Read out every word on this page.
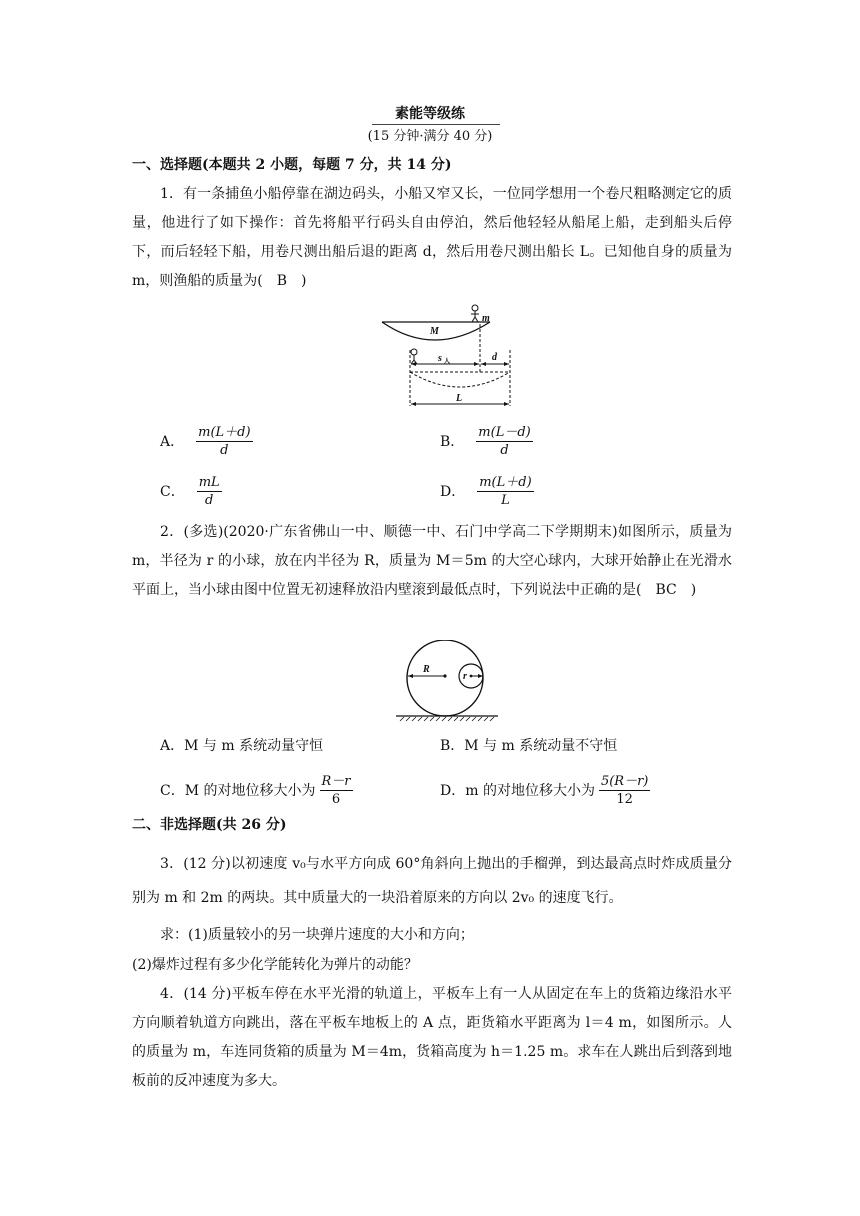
素能等级练
(15 分钟·满分 40 分)
一、选择题(本题共 2 小题，每题 7 分，共 14 分)
1．有一条捕鱼小船停靠在湖边码头，小船又窄又长，一位同学想用一个卷尺粗略测定它的质量，他进行了如下操作：首先将船平行码头自由停泊，然后他轻轻从船尾上船，走到船头后停下，而后轻轻下船，用卷尺测出船后退的距离 d，然后用卷尺测出船长 L。已知他自身的质量为 m，则渔船的质量为(　B　)
M
m
s 人	d
L
A． $\frac{m(L+d)}{d}$	B． $\frac{m(L-d)}{d}$
C． $\frac{mL}{d}$	D． $\frac{m(L+d)}{L}$
2．(多选)(2020·广东省佛山一中、顺德一中、石门中学高二下学期期末)如图所示，质量为 m，半径为 r 的小球，放在内半径为 R，质量为 M＝5m 的大空心球内，大球开始静止在光滑水平面上，当小球由图中位置无初速释放沿内壁滚到最低点时，下列说法中正确的是(　BC　)
R
r
A．M 与 m 系统动量守恒	B．M 与 m 系统动量不守恒
C．M 的对地位移大小为 $\frac{R-r}{6}$	D．m 的对地位移大小为 $\frac{5(R-r)}{12}$
二、非选择题(共 26 分)
3．(12 分)以初速度 v₀与水平方向成 60°角斜向上抛出的手榴弹，到达最高点时炸成质量分别为 m 和 2m 的两块。其中质量大的一块沿着原来的方向以 2v₀ 的速度飞行。
求：(1)质量较小的另一块弹片速度的大小和方向；
(2)爆炸过程有多少化学能转化为弹片的动能？
4．(14 分)平板车停在水平光滑的轨道上，平板车上有一人从固定在车上的货箱边缘沿水平方向顺着轨道方向跳出，落在平板车地板上的 A 点，距货箱水平距离为 l＝4 m，如图所示。人的质量为 m，车连同货箱的质量为 M＝4m，货箱高度为 h＝1.25 m。求车在人跳出后到落到地板前的反冲速度为多大。
